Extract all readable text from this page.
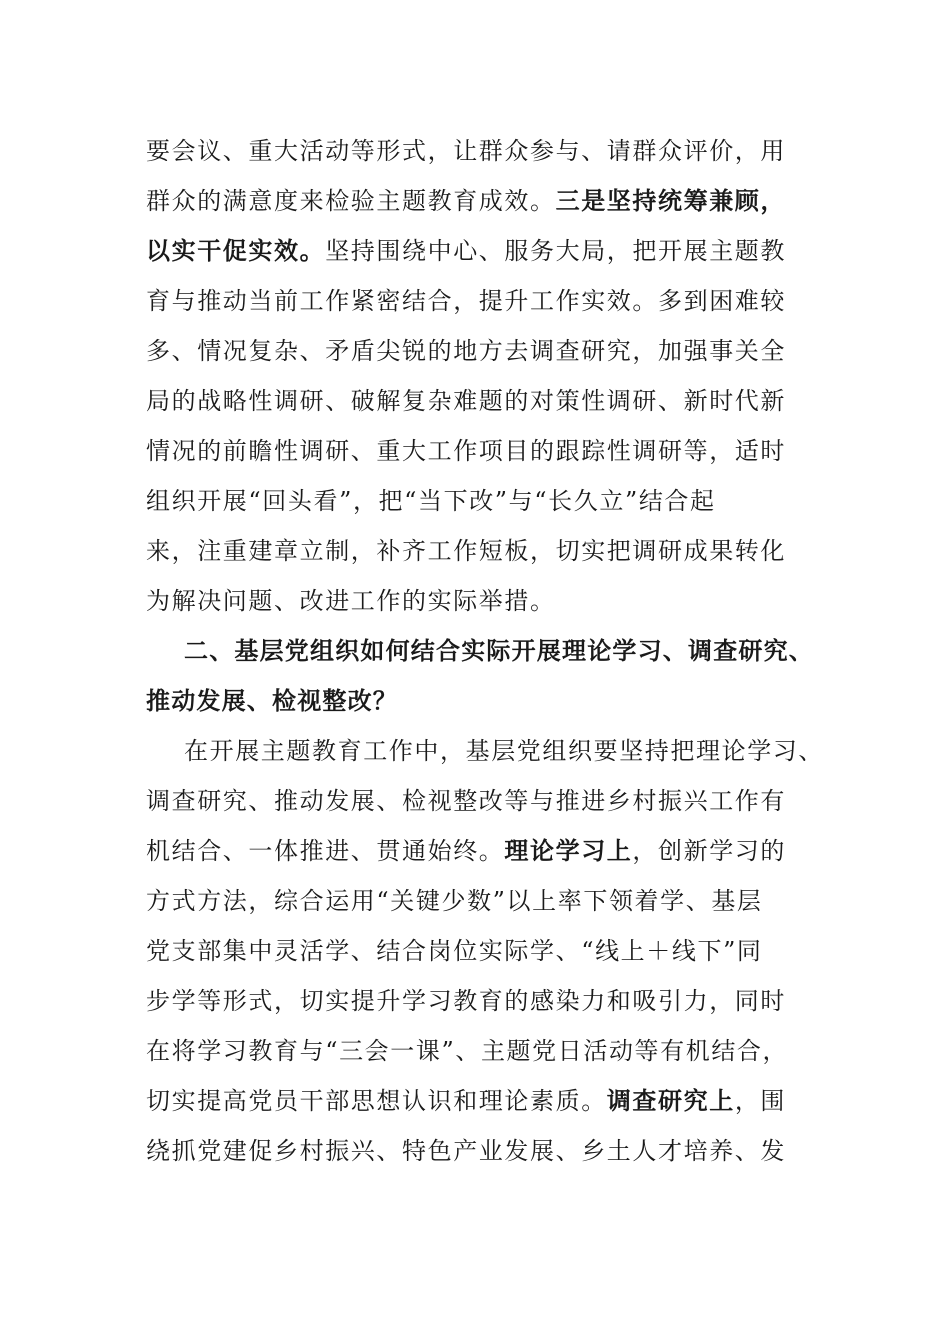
要会议、重大活动等形式，让群众参与、请群众评价，用
群众的满意度来检验主题教育成效。三是坚持统筹兼顾，
以实干促实效。坚持围绕中心、服务大局，把开展主题教
育与推动当前工作紧密结合，提升工作实效。多到困难较
多、情况复杂、矛盾尖锐的地方去调查研究，加强事关全
局的战略性调研、破解复杂难题的对策性调研、新时代新
情况的前瞻性调研、重大工作项目的跟踪性调研等，适时
组织开展“回头看”，把“当下改”与“长久立”结合起
来，注重建章立制，补齐工作短板，切实把调研成果转化
为解决问题、改进工作的实际举措。
二、基层党组织如何结合实际开展理论学习、调查研究、
推动发展、检视整改？
在开展主题教育工作中，基层党组织要坚持把理论学习、
调查研究、推动发展、检视整改等与推进乡村振兴工作有
机结合、一体推进、贯通始终。理论学习上，创新学习的
方式方法，综合运用“关键少数”以上率下领着学、基层
党支部集中灵活学、结合岗位实际学、“线上＋线下”同
步学等形式，切实提升学习教育的感染力和吸引力，同时
在将学习教育与“三会一课”、主题党日活动等有机结合，
切实提高党员干部思想认识和理论素质。调查研究上，围
绕抓党建促乡村振兴、特色产业发展、乡土人才培养、发
